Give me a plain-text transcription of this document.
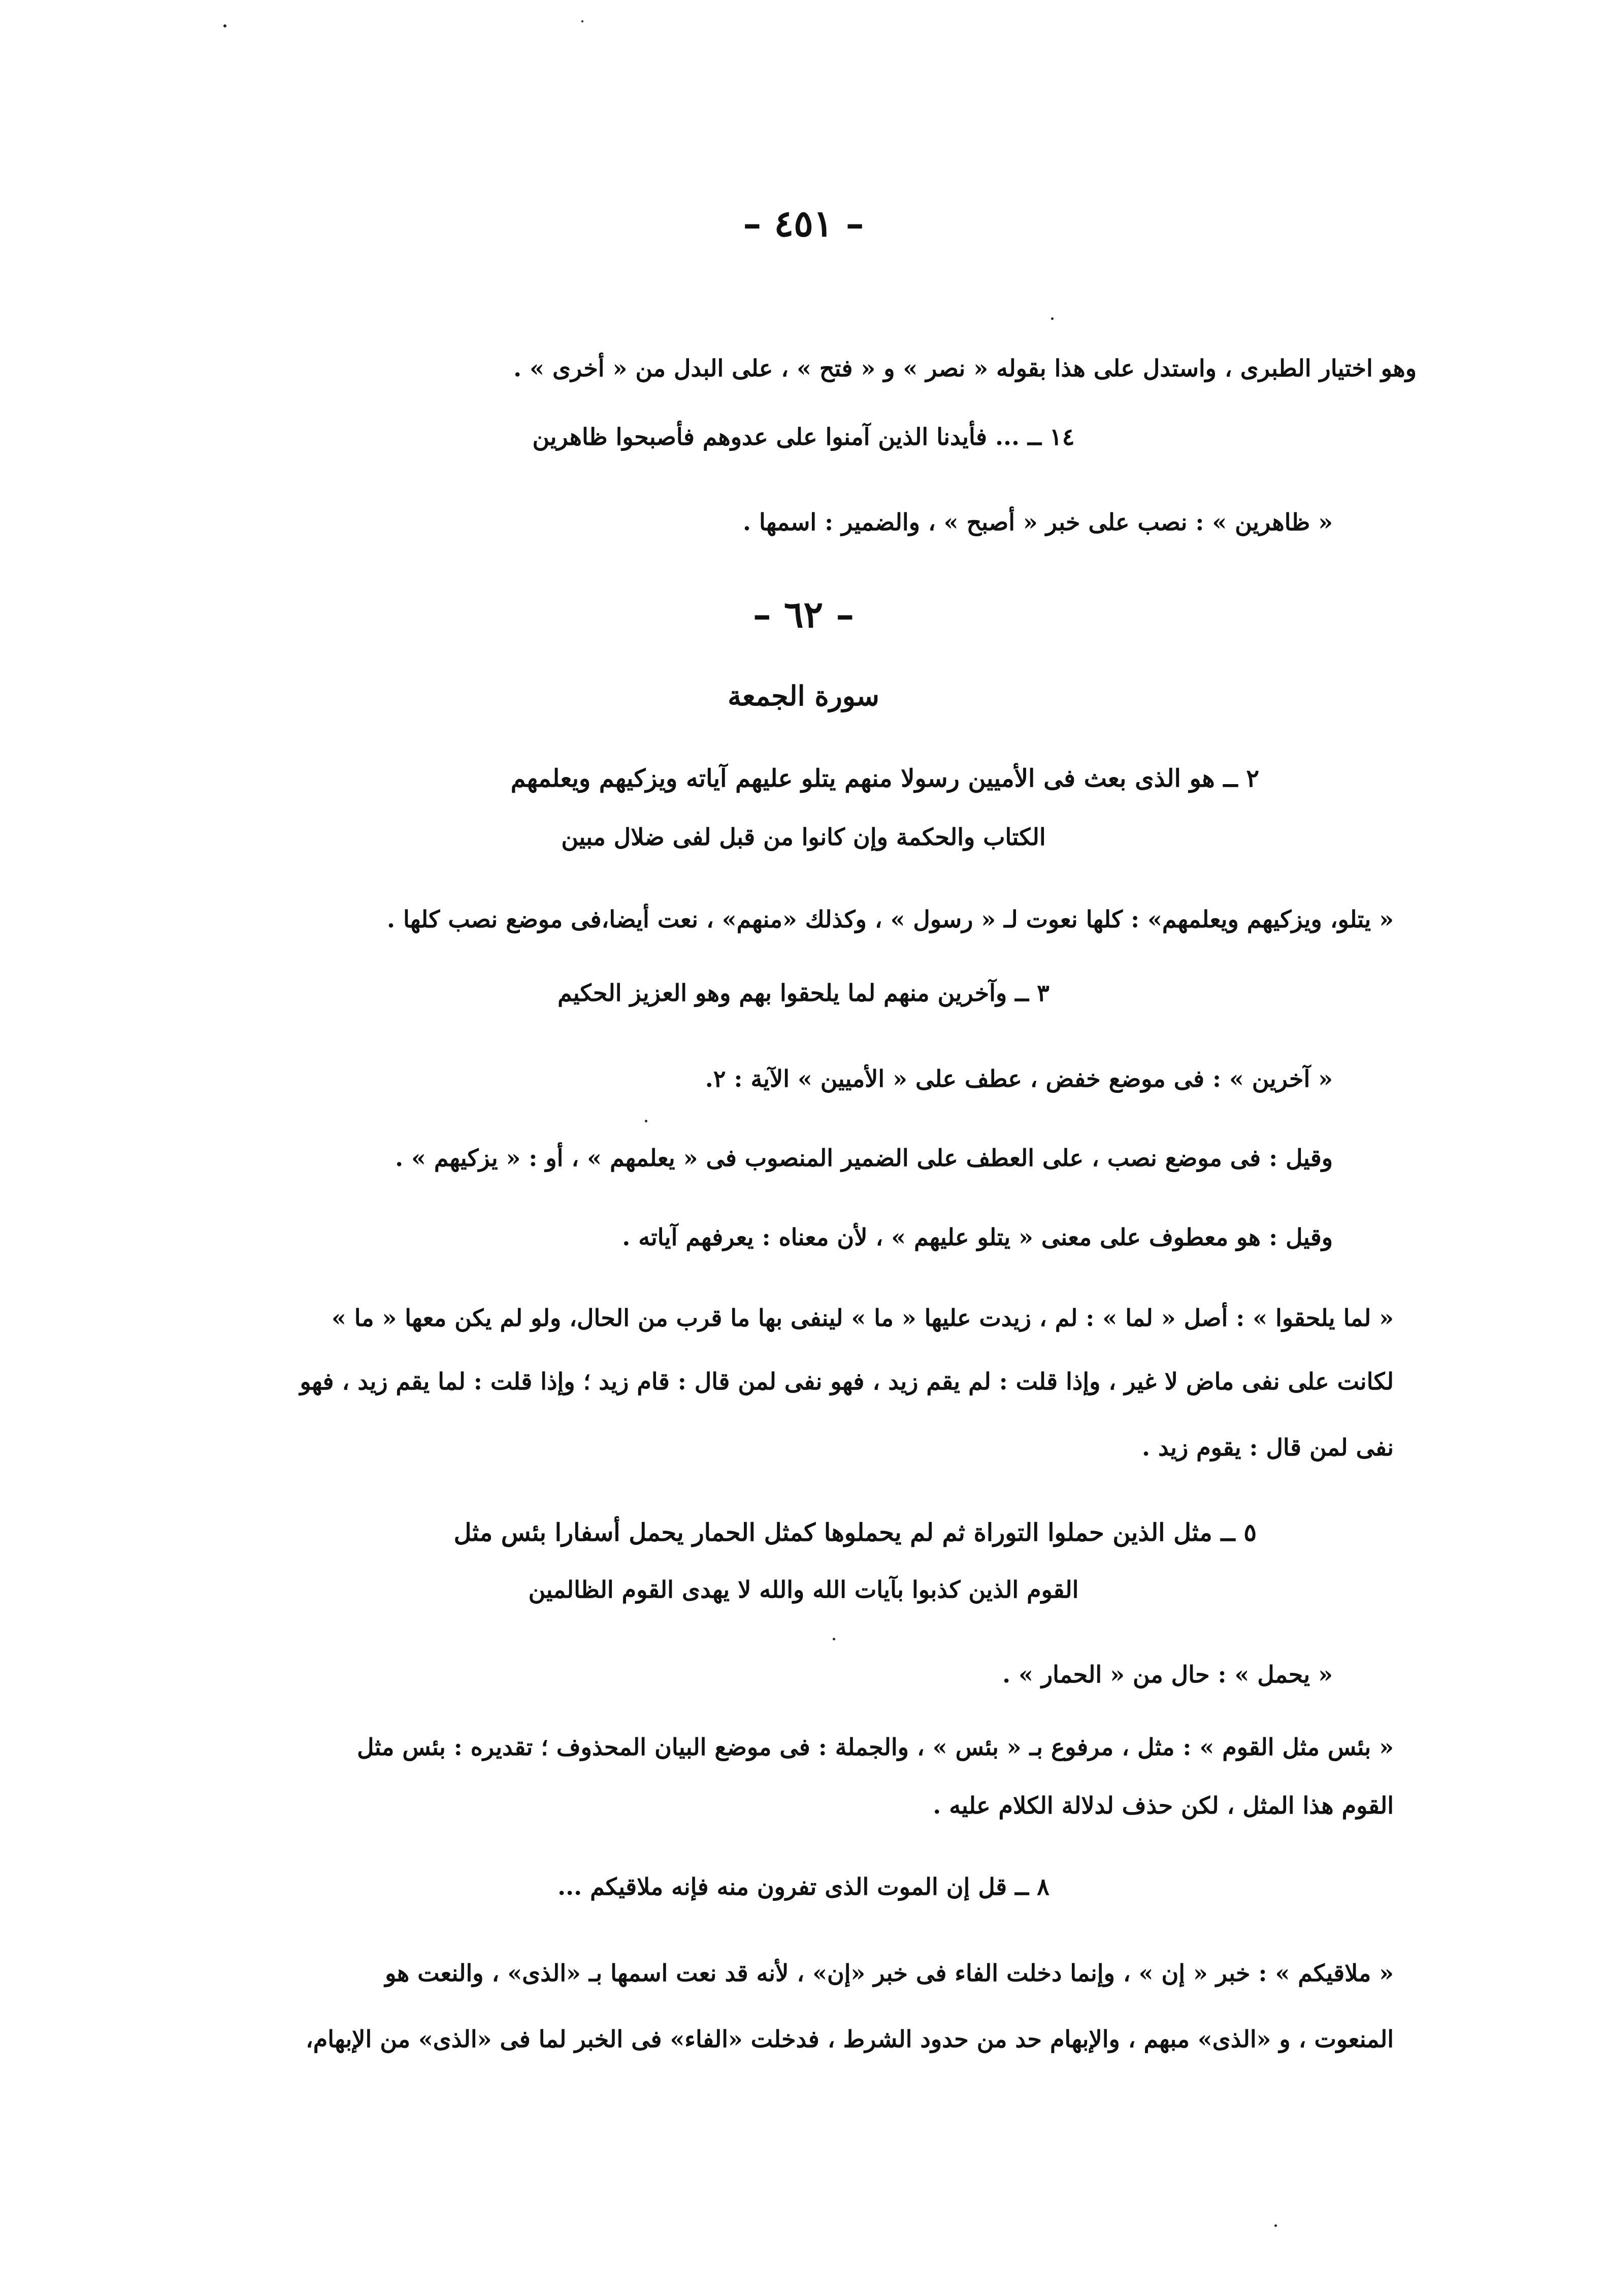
– ٤٥١ –

وهو اختيار الطبرى ، واستدل على هذا بقوله « نصر » و « فتح » ، على البدل من « أخرى » .

١٤ ــ ... فأيدنا الذين آمنوا على عدوهم فأصبحوا ظاهرين

« ظاهرين » : نصب على خبر « أصبح » ، والضمير : اسمها .

– ٦٢ –
سورة الجمعة

٢ ــ هو الذى بعث فى الأميين رسولا منهم يتلو عليهم آياته ويزكيهم ويعلمهم

الكتاب والحكمة وإن كانوا من قبل لفى ضلال مبين

« يتلو، ويزكيهم ويعلمهم» : كلها نعوت لـ « رسول » ، وكذلك «منهم» ، نعت أيضا،فى موضع نصب كلها .

٣ ــ وآخرين منهم لما يلحقوا بهم وهو العزيز الحكيم

« آخرين » : فى موضع خفض ، عطف على « الأميين » الآية : ٢.

وقيل : فى موضع نصب ، على العطف على الضمير المنصوب فى « يعلمهم » ، أو : « يزكيهم » .

وقيل : هو معطوف على معنى « يتلو عليهم » ، لأن معناه : يعرفهم آياته .

« لما يلحقوا » : أصل « لما » : لم ، زيدت عليها « ما » لينفى بها ما قرب من الحال، ولو لم يكن معها « ما »

لكانت على نفى ماض لا غير ، وإذا قلت : لم يقم زيد ، فهو نفى لمن قال : قام زيد ؛ وإذا قلت : لما يقم زيد ، فهو

نفى لمن قال : يقوم زيد .

٥ ــ مثل الذين حملوا التوراة ثم لم يحملوها كمثل الحمار يحمل أسفارا بئس مثل

القوم الذين كذبوا بآيات الله والله لا يهدى القوم الظالمين

« يحمل » : حال من « الحمار » .

« بئس مثل القوم » : مثل ، مرفوع بـ « بئس » ، والجملة : فى موضع البيان المحذوف ؛ تقديره : بئس مثل

القوم هذا المثل ، لكن حذف لدلالة الكلام عليه .

٨ ــ قل إن الموت الذى تفرون منه فإنه ملاقيكم ...

« ملاقيكم » : خبر « إن » ، وإنما دخلت الفاء فى خبر «إن» ، لأنه قد نعت اسمها بـ «الذى» ، والنعت هو

المنعوت ، و «الذى» مبهم ، والإبهام حد من حدود الشرط ، فدخلت «الفاء» فى الخبر لما فى «الذى» من الإبهام،
